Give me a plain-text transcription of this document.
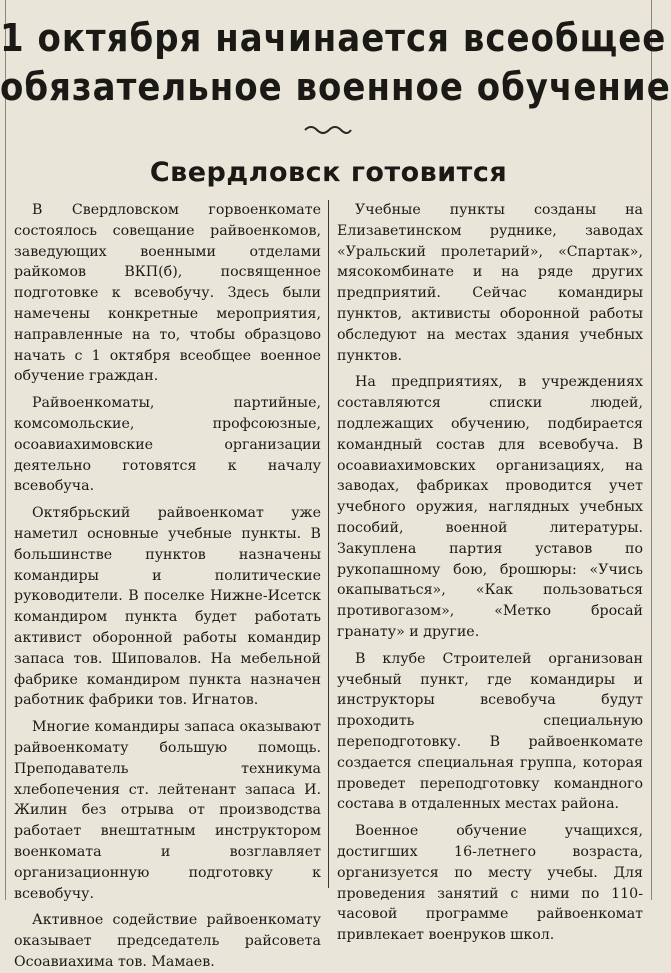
1 октября начинается всеобщее
обязательное военное обучение
Свердловск готовится

В Свердловском горвоенкомате состоялось совещание райвоенкомов, заведующих военными отделами райкомов ВКП(б), посвященное подготовке к всевобучу. Здесь были намечены конкретные мероприятия, направленные на то, чтобы образцово начать с 1 октября всеобщее военное обучение граждан.

Райвоенкоматы, партийные, комсомольские, профсоюзные, осоавиахимовские организации деятельно готовятся к началу всевобуча.

Октябрьский райвоенкомат уже наметил основные учебные пункты. В большинстве пунктов назначены командиры и политические руководители. В поселке Нижне-Исетск командиром пункта будет работать активист оборонной работы командир запаса тов. Шиповалов. На мебельной фабрике командиром пункта назначен работник фабрики тов. Игнатов.

Многие командиры запаса оказывают райвоенкомату большую помощь. Преподаватель техникума хлебопечения ст. лейтенант запаса И. Жилин без отрыва от производства работает внештатным инструктором военкомата и возглавляет организационную подготовку к всевобучу.

Активное содействие райвоенкомату оказывает председатель райсовета Осоавиахима тов. Мамаев.

Учебные пункты созданы на Елизаветинском руднике, заводах «Уральский пролетарий», «Спартак», мясокомбинате и на ряде других предприятий. Сейчас командиры пунктов, активисты оборонной работы обследуют на местах здания учебных пунктов.

На предприятиях, в учреждениях составляются списки людей, подлежащих обучению, подбирается командный состав для всевобуча. В осоавиахимовских организациях, на заводах, фабриках проводится учет учебного оружия, наглядных учебных пособий, военной литературы. Закуплена партия уставов по рукопашному бою, брошюры: «Учись окапываться», «Как пользоваться противогазом», «Метко бросай гранату» и другие.

В клубе Строителей организован учебный пункт, где командиры и инструкторы всевобуча будут проходить специальную переподготовку. В райвоенкомате создается специальная группа, которая проведет переподготовку командного состава в отдаленных местах района.

Военное обучение учащихся, достигших 16-летнего возраста, организуется по месту учебы. Для проведения занятий с ними по 110-часовой программе райвоенкомат привлекает военруков школ.
